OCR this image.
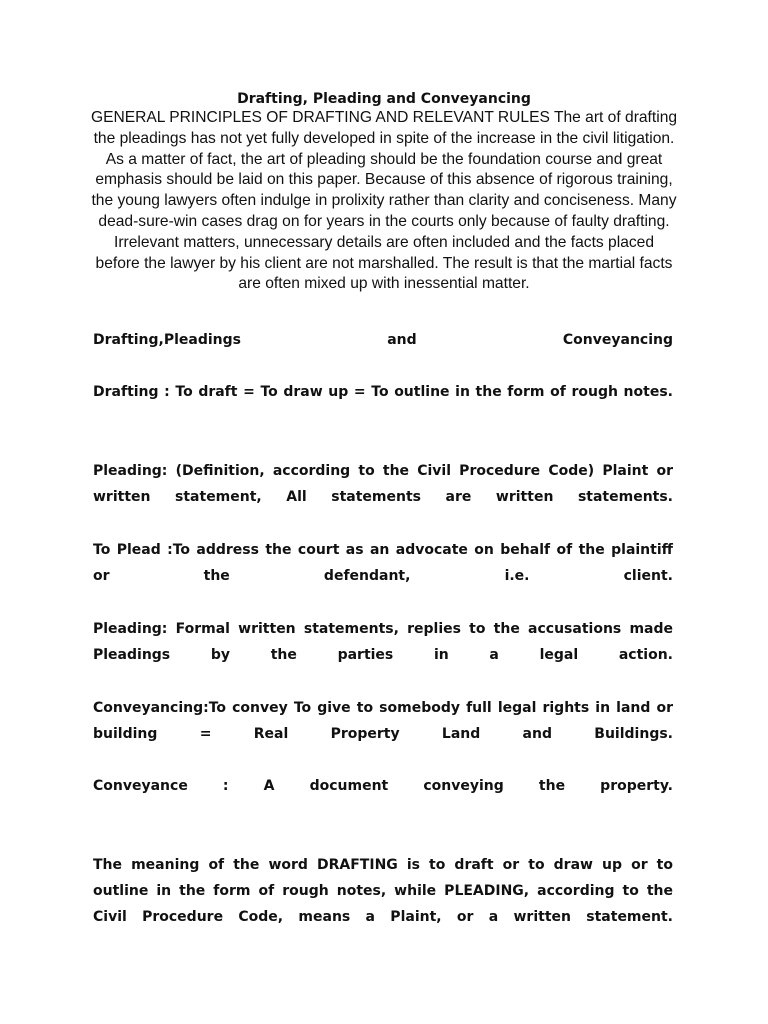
Drafting, Pleading and Conveyancing
GENERAL PRINCIPLES OF DRAFTING AND RELEVANT RULES The art of drafting the pleadings has not yet fully developed in spite of the increase in the civil litigation. As a matter of fact, the art of pleading should be the foundation course and great emphasis should be laid on this paper. Because of this absence of rigorous training, the young lawyers often indulge in prolixity rather than clarity and conciseness. Many dead-sure-win cases drag on for years in the courts only because of faulty drafting. Irrelevant matters, unnecessary details are often included and the facts placed before the lawyer by his client are not marshalled. The result is that the martial facts are often mixed up with inessential matter.
Drafting,Pleadings and Conveyancing
Drafting : To draft = To draw up = To outline in the form of rough notes.
Pleading: (Definition, according to the Civil Procedure Code) Plaint or written statement, All statements are written statements.
To Plead :To address the court as an advocate on behalf of the plaintiff or the defendant, i.e. client.
Pleading: Formal written statements, replies to the accusations made Pleadings by the parties in a legal action.
Conveyancing:To convey To give to somebody full legal rights in land or building = Real Property Land and Buildings.
Conveyance : A document conveying the property.
The meaning of the word DRAFTING is to draft or to draw up or to outline in the form of rough notes, while PLEADING, according to the Civil Procedure Code, means a Plaint, or a written statement.
